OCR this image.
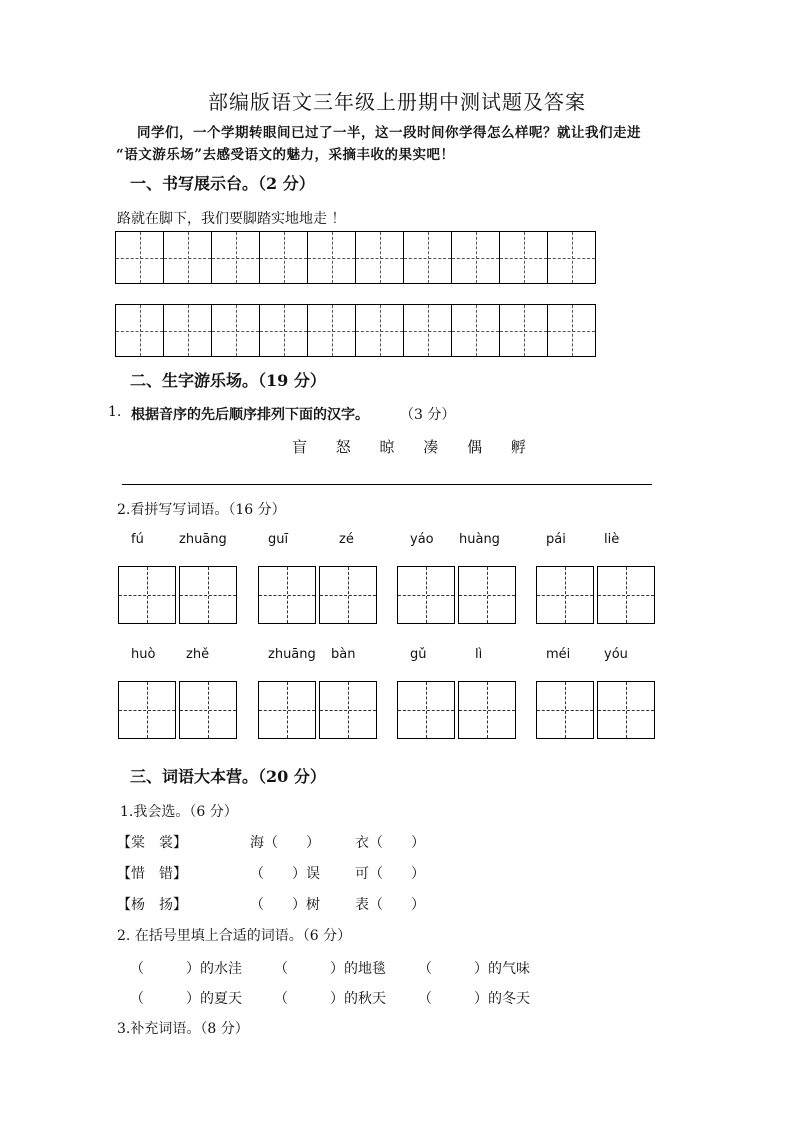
部编版语文三年级上册期中测试题及答案
同学们，一个学期转眼间已过了一半，这一段时间你学得怎么样呢？就让我们走进
“语文游乐场”去感受语文的魅力，采摘丰收的果实吧！
一、书写展示台。（2 分）
路就在脚下，我们要脚踏实地地走 ！
二、生字游乐场。（19 分）
1. 根据音序的先后顺序排列下面的汉字。 （3 分）
盲 怒 晾 凑 偶 孵
2.看拼写写词语。（16 分）
fú	zhuāng	guī	zé	yáo huàng	pái	liè
huò zhě	zhuāng bàn	gǔ	lì	méi	yóu
三、词语大本营。（20 分）
1.我会选。（6 分）
【棠　裳】	海（　　）	衣（　　）
【惜　错】	（　　）误	可（　　）
【杨　扬】	（　　）树	表（　　）
2. 在括号里填上合适的词语。（6 分）
（　　　）的水洼 （　　　）的地毯 （　　　）的气味
（　　　）的夏天 （　　　）的秋天 （　　　）的冬天
3.补充词语。（8 分）
